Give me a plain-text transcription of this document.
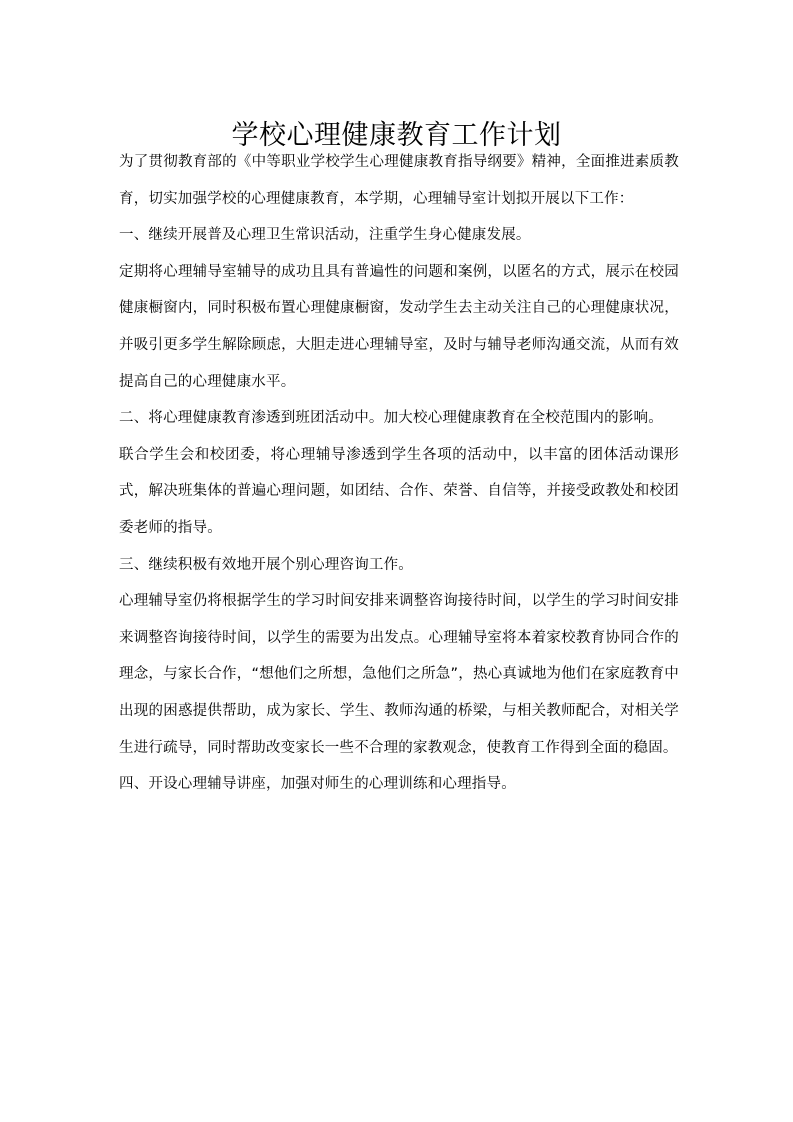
学校心理健康教育工作计划

为了贯彻教育部的《中等职业学校学生心理健康教育指导纲要》精神，全面推进素质教育，切实加强学校的心理健康教育，本学期，心理辅导室计划拟开展以下工作：

一、继续开展普及心理卫生常识活动，注重学生身心健康发展。

定期将心理辅导室辅导的成功且具有普遍性的问题和案例，以匿名的方式，展示在校园健康橱窗内，同时积极布置心理健康橱窗，发动学生去主动关注自己的心理健康状况，并吸引更多学生解除顾虑，大胆走进心理辅导室，及时与辅导老师沟通交流，从而有效提高自己的心理健康水平。

二、将心理健康教育渗透到班团活动中。加大校心理健康教育在全校范围内的影响。

联合学生会和校团委，将心理辅导渗透到学生各项的活动中，以丰富的团体活动课形式，解决班集体的普遍心理问题，如团结、合作、荣誉、自信等，并接受政教处和校团委老师的指导。

三、继续积极有效地开展个别心理咨询工作。

心理辅导室仍将根据学生的学习时间安排来调整咨询接待时间，以学生的学习时间安排来调整咨询接待时间，以学生的需要为出发点。心理辅导室将本着家校教育协同合作的理念，与家长合作，“想他们之所想，急他们之所急”，热心真诚地为他们在家庭教育中出现的困惑提供帮助，成为家长、学生、教师沟通的桥梁，与相关教师配合，对相关学生进行疏导，同时帮助改变家长一些不合理的家教观念，使教育工作得到全面的稳固。

四、开设心理辅导讲座，加强对师生的心理训练和心理指导。
